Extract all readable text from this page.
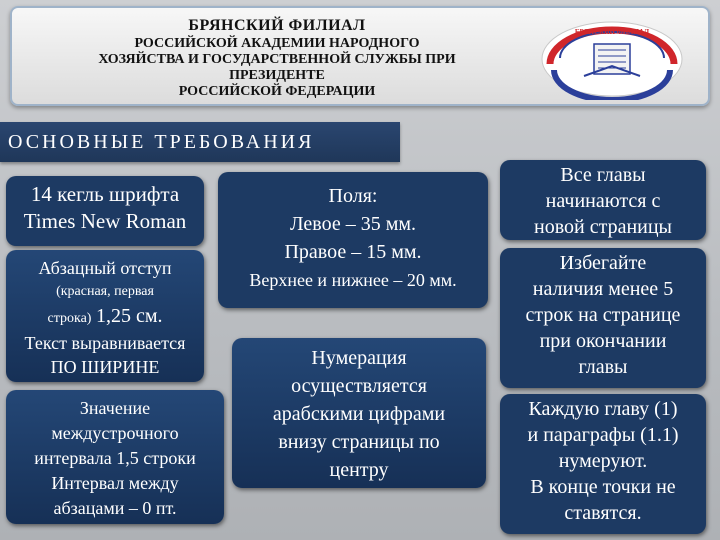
БРЯНСКИЙ ФИЛИАЛ
РОССИЙСКОЙ АКАДЕМИИ НАРОДНОГО
ХОЗЯЙСТВА И ГОСУДАРСТВЕННОЙ СЛУЖБЫ ПРИ
ПРЕЗИДЕНТЕ
РОССИЙСКОЙ ФЕДЕРАЦИИ
БРЯНСКИЙ ФИЛИАЛ
ОСНОВНЫЕ ТРЕБОВАНИЯ
14 кегль шрифта
Times New Roman
Абзацный отступ
(красная, первая
строка) 1,25 см.
Текст выравнивается
ПО ШИРИНЕ
Значение
междустрочного
интервала 1,5 строки
Интервал между
абзацами – 0 пт.
Поля:
Левое – 35 мм.
Правое – 15 мм.
Верхнее и нижнее – 20 мм.
Нумерация
осуществляется
арабскими цифрами
внизу страницы по
центру
Все главы
начинаются с
новой страницы
Избегайте
наличия менее 5
строк на странице
при окончании
главы
Каждую главу (1)
и параграфы (1.1)
нумеруют.
В конце точки не
ставятся.
